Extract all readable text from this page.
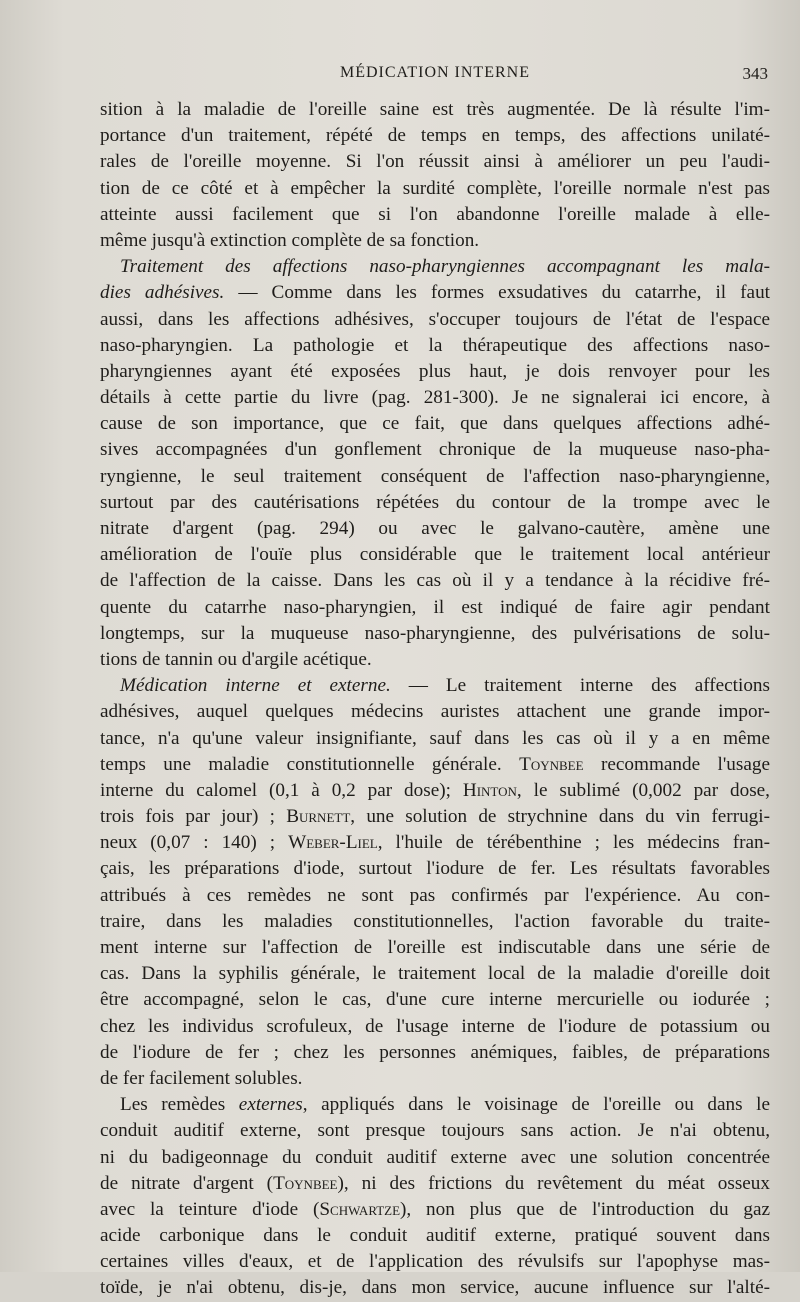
MÉDICATION INTERNE	343
sition à la maladie de l'oreille saine est très augmentée. De là résulte l'im-
portance d'un traitement, répété de temps en temps, des affections unilaté-
rales de l'oreille moyenne. Si l'on réussit ainsi à améliorer un peu l'audi-
tion de ce côté et à empêcher la surdité complète, l'oreille normale n'est pas
atteinte aussi facilement que si l'on abandonne l'oreille malade à elle-
même jusqu'à extinction complète de sa fonction.
Traitement des affections naso-pharyngiennes accompagnant les mala-
dies adhésives. — Comme dans les formes exsudatives du catarrhe, il faut
aussi, dans les affections adhésives, s'occuper toujours de l'état de l'espace
naso-pharyngien. La pathologie et la thérapeutique des affections naso-
pharyngiennes ayant été exposées plus haut, je dois renvoyer pour les
détails à cette partie du livre (pag. 281-300). Je ne signalerai ici encore, à
cause de son importance, que ce fait, que dans quelques affections adhé-
sives accompagnées d'un gonflement chronique de la muqueuse naso-pha-
ryngienne, le seul traitement conséquent de l'affection naso-pharyngienne,
surtout par des cautérisations répétées du contour de la trompe avec le
nitrate d'argent (pag. 294) ou avec le galvano-cautère, amène une
amélioration de l'ouïe plus considérable que le traitement local antérieur
de l'affection de la caisse. Dans les cas où il y a tendance à la récidive fré-
quente du catarrhe naso-pharyngien, il est indiqué de faire agir pendant
longtemps, sur la muqueuse naso-pharyngienne, des pulvérisations de solu-
tions de tannin ou d'argile acétique.
Médication interne et externe. — Le traitement interne des affections
adhésives, auquel quelques médecins auristes attachent une grande impor-
tance, n'a qu'une valeur insignifiante, sauf dans les cas où il y a en même
temps une maladie constitutionnelle générale. Toynbee recommande l'usage
interne du calomel (0,1 à 0,2 par dose); Hinton, le sublimé (0,002 par dose,
trois fois par jour) ; Burnett, une solution de strychnine dans du vin ferrugi-
neux (0,07 : 140) ; Weber-Liel, l'huile de térébenthine ; les médecins fran-
çais, les préparations d'iode, surtout l'iodure de fer. Les résultats favorables
attribués à ces remèdes ne sont pas confirmés par l'expérience. Au con-
traire, dans les maladies constitutionnelles, l'action favorable du traite-
ment interne sur l'affection de l'oreille est indiscutable dans une série de
cas. Dans la syphilis générale, le traitement local de la maladie d'oreille doit
être accompagné, selon le cas, d'une cure interne mercurielle ou iodurée ;
chez les individus scrofuleux, de l'usage interne de l'iodure de potassium ou
de l'iodure de fer ; chez les personnes anémiques, faibles, de préparations
de fer facilement solubles.
Les remèdes externes, appliqués dans le voisinage de l'oreille ou dans le
conduit auditif externe, sont presque toujours sans action. Je n'ai obtenu,
ni du badigeonnage du conduit auditif externe avec une solution concentrée
de nitrate d'argent (Toynbee), ni des frictions du revêtement du méat osseux
avec la teinture d'iode (Schwartze), non plus que de l'introduction du gaz
acide carbonique dans le conduit auditif externe, pratiqué souvent dans
certaines villes d'eaux, et de l'application des révulsifs sur l'apophyse mas-
toïde, je n'ai obtenu, dis-je, dans mon service, aucune influence sur l'alté-
